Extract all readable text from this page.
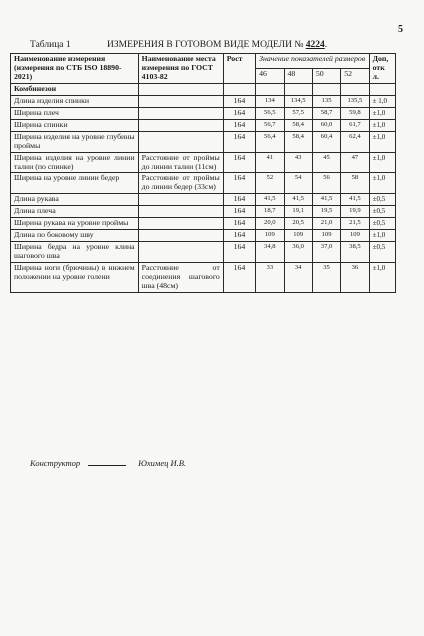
5
Таблица 1	ИЗМЕРЕНИЯ В ГОТОВОМ ВИДЕ МОДЕЛИ № 4224.
Наименование измерения (измерения по СТБ ISO 18890-2021)	Наименование места измерения по ГОСТ 4103-82	Рост	Значение показателей размеров				Доп, отк л.
			46	48	50	52	
Комбинезон							
Длина изделия спинки		164	134	134,5	135	135,5	± 1,0
Ширина плеч		164	56,5	57,5	58,7	59,8	±1,0
Ширина спинки		164	56,7	58,4	60,0	61,7	±1,0
Ширина изделия на уровне глубины проймы		164	56,4	58,4	60,4	62,4	±1,0
Ширина изделия на уровне линии талии (по спинке)	Расстояние от проймы до линии талии (11см)	164	41	43	45	47	±1,0
Ширина на уровне линии бедер	Расстояние от проймы до линии бедер (33см)	164	52	54	56	58	±1,0
Длина рукава		164	41,5	41,5	41,5	41,5	±0,5
Длина плеча		164	18,7	19,1	19,5	19,9	±0,5
Ширина рукава на уровне проймы		164	20,0	20,5	21,0	21,5	±0,5
Длина по боковому шву		164	109	109	109	109	±1,0
Ширина бедра на уровне клина шагового шва		164	34,8	36,0	37,0	38,5	±0,5
Ширина ноги (брючины) в нижнем положении на уровне голени	Расстояние от соединения шагового шва (48см)	164	33	34	35	36	±1,0
Конструктор	Юхимец И.В.
